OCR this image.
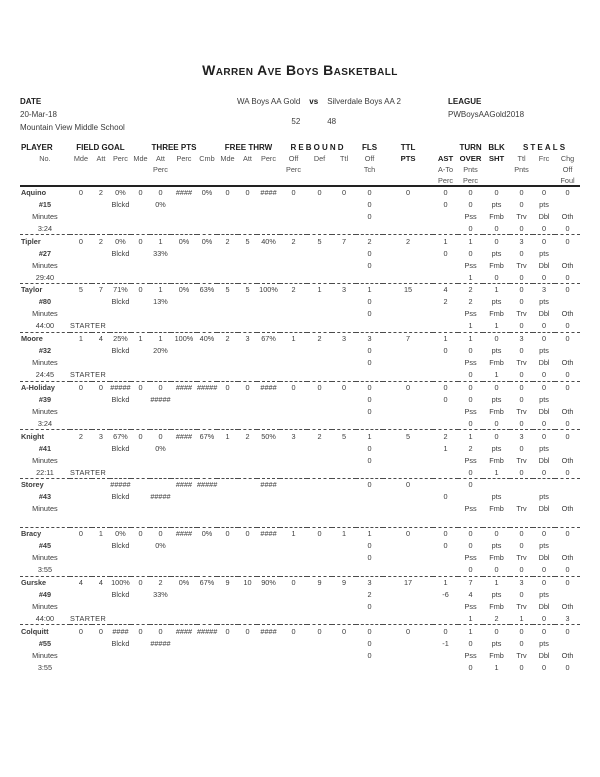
Warren Ave Boys Basketball
DATE
20-Mar-18
Mountain View Middle School
WA Boys AA Gold	vs	Silverdale Boys AA 2
52	48
LEAGUE
PWBoysAAGold2018
PLAYER	FIELD GOAL			THREE PTS				FREE THRW			REBOUND			FLS	TTL		TURN	BLK	STEALS		
No.	Mde	Att	Perc	Mde	Att	Perc	Cmb	Mde	Att	Perc	Off	Def	Ttl	Off	PTS	AST	OVER	SHT	Ttl	Frc	Chg
					Perc						Perc			Tch		A-To	Pnts		Pnts		Off
																Perc	Perc				Foul
Aquino	0	2	0%	0	0	####	0%	0	0	####	0	0	0	0	0	0	0	0	0	0	0
#15			Blckd		0%									0		0	0	pts	0	pts	
Minutes														0			Pss	Fmb	Trv	Dbl	Oth
3:24																	0	0	0	0	0
Tipler	0	2	0%	0	1	0%	0%	2	5	40%	2	5	7	2	2	1	1	0	3	0	0
#27			Blckd		33%									0		0	0	pts	0	pts	
Minutes														0			Pss	Fmb	Trv	Dbl	Oth
29:40																	1	0	0	0	0
Taylor	5	7	71%	0	1	0%	63%	5	5	100%	2	1	3	1	15	4	2	1	0	3	0
#80			Blckd		13%									0		2	2	pts	0	pts	
Minutes														0			Pss	Fmb	Trv	Dbl	Oth
44:00	STARTER																1	1	0	0	0
Moore	1	4	25%	1	1	100%	40%	2	3	67%	1	2	3	3	7	1	1	0	3	0	0
#32			Blckd		20%									0		0	0	pts	0	pts	
Minutes														0			Pss	Fmb	Trv	Dbl	Oth
24:45	STARTER																0	1	0	0	0
A-Holiday	0	0	#####	0	0	####	#####	0	0	####	0	0	0	0	0	0	0	0	0	0	0
#39			Blckd		#####									0		0	0	pts	0	pts	
Minutes														0			Pss	Fmb	Trv	Dbl	Oth
3:24																	0	0	0	0	0
Knight	2	3	67%	0	0	####	67%	1	2	50%	3	2	5	1	5	2	1	0	3	0	0
#41			Blckd		0%									0		1	2	pts	0	pts	
Minutes														0			Pss	Fmb	Trv	Dbl	Oth
22:11	STARTER																0	1	0	0	0
Storey			#####			####	#####			####				0	0		0				
#43			Blckd		#####											0		pts		pts	
Minutes																	Pss	Fmb	Trv	Dbl	Oth

Bracy	0	1	0%	0	0	####	0%	0	0	####	1	0	1	1	0	0	0	0	0	0	0
#45			Blckd		0%									0		0	0	pts	0	pts	
Minutes														0			Pss	Fmb	Trv	Dbl	Oth
3:55																	0	0	0	0	0
Gurske	4	4	100%	0	2	0%	67%	9	10	90%	0	9	9	3	17	1	7	1	3	0	0
#49			Blckd		33%									2		-6	4	pts	0	pts	
Minutes														0			Pss	Fmb	Trv	Dbl	Oth
44:00	STARTER																1	2	1	0	3
Colquitt	0	0	####	0	0	####	#####	0	0	####	0	0	0	0	0	0	1	0	0	0	0
#55			Blckd		#####									0		-1	0	pts	0	pts	
Minutes														0			Pss	Fmb	Trv	Dbl	Oth
3:55																	0	1	0	0	0
